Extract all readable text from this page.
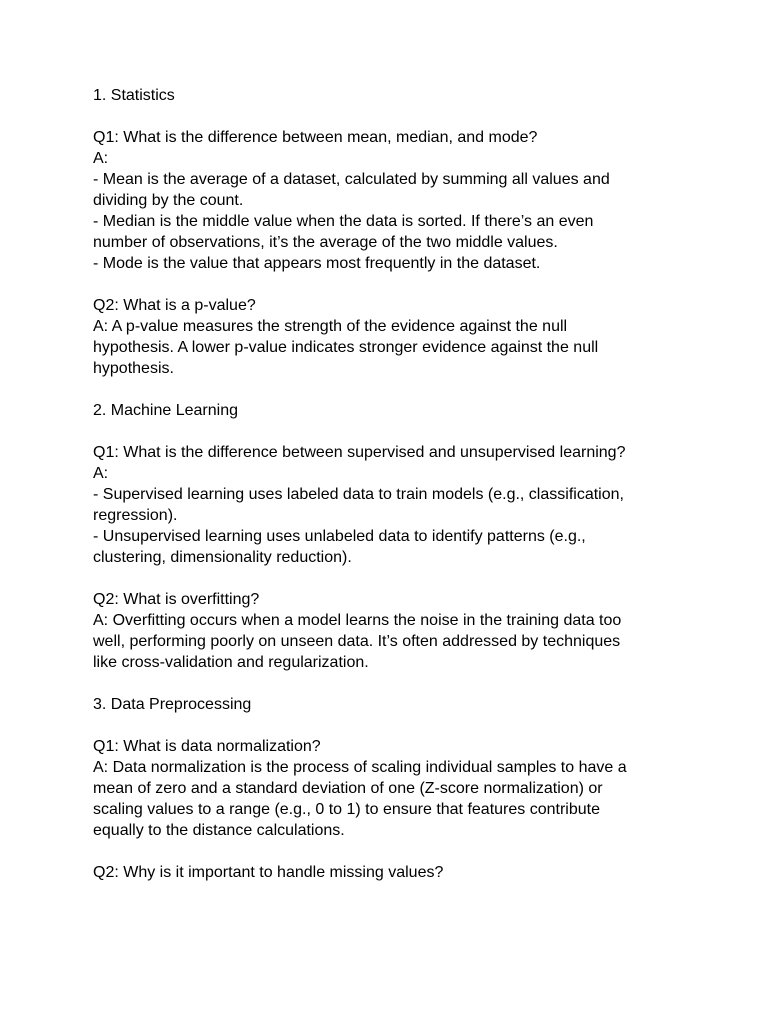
1. Statistics
Q1: What is the difference between mean, median, and mode?
A:
- Mean is the average of a dataset, calculated by summing all values and
dividing by the count.
- Median is the middle value when the data is sorted. If there’s an even
number of observations, it’s the average of the two middle values.
- Mode is the value that appears most frequently in the dataset.
Q2: What is a p-value?
A: A p-value measures the strength of the evidence against the null
hypothesis. A lower p-value indicates stronger evidence against the null
hypothesis.
2. Machine Learning
Q1: What is the difference between supervised and unsupervised learning?
A:
- Supervised learning uses labeled data to train models (e.g., classification,
regression).
- Unsupervised learning uses unlabeled data to identify patterns (e.g.,
clustering, dimensionality reduction).
Q2: What is overfitting?
A: Overfitting occurs when a model learns the noise in the training data too
well, performing poorly on unseen data. It’s often addressed by techniques
like cross-validation and regularization.
3. Data Preprocessing
Q1: What is data normalization?
A: Data normalization is the process of scaling individual samples to have a
mean of zero and a standard deviation of one (Z-score normalization) or
scaling values to a range (e.g., 0 to 1) to ensure that features contribute
equally to the distance calculations.
Q2: Why is it important to handle missing values?
